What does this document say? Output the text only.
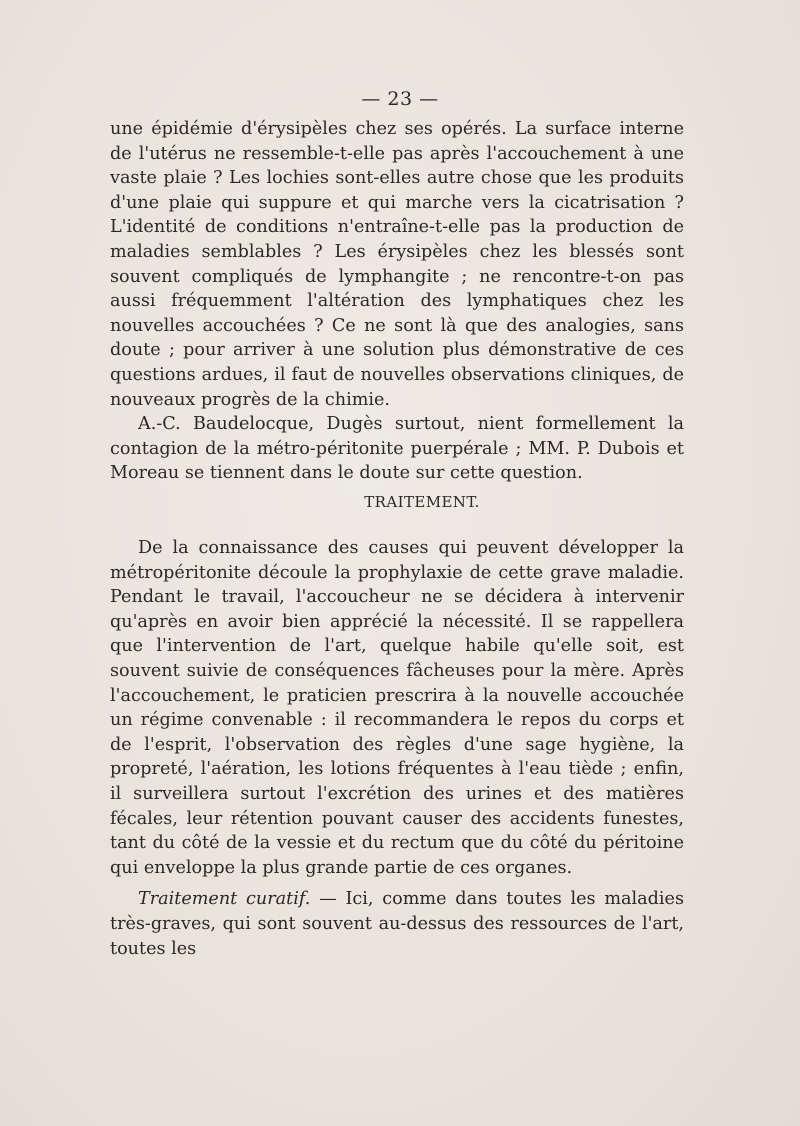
— 23 —

une épidémie d'érysipèles chez ses opérés. La surface interne de l'utérus ne ressemble-t-elle pas après l'accouchement à une vaste plaie ? Les lochies sont-elles autre chose que les produits d'une plaie qui suppure et qui marche vers la cicatrisation ? L'identité de conditions n'entraîne-t-elle pas la production de maladies semblables ? Les érysipèles chez les blessés sont souvent compliqués de lymphangite ; ne rencontre-t-on pas aussi fréquemment l'altération des lymphatiques chez les nouvelles accouchées ? Ce ne sont là que des analogies, sans doute ; pour arriver à une solution plus démonstrative de ces questions ardues, il faut de nouvelles observations cliniques, de nouveaux progrès de la chimie.

A.-C. Baudelocque, Dugès surtout, nient formellement la contagion de la métro-péritonite puerpérale ; MM. P. Dubois et Moreau se tiennent dans le doute sur cette question.

TRAITEMENT.

De la connaissance des causes qui peuvent développer la métropéritonite découle la prophylaxie de cette grave maladie. Pendant le travail, l'accoucheur ne se décidera à intervenir qu'après en avoir bien apprécié la nécessité. Il se rappellera que l'intervention de l'art, quelque habile qu'elle soit, est souvent suivie de conséquences fâcheuses pour la mère. Après l'accouchement, le praticien prescrira à la nouvelle accouchée un régime convenable : il recommandera le repos du corps et de l'esprit, l'observation des règles d'une sage hygiène, la propreté, l'aération, les lotions fréquentes à l'eau tiède ; enfin, il surveillera surtout l'excrétion des urines et des matières fécales, leur rétention pouvant causer des accidents funestes, tant du côté de la vessie et du rectum que du côté du péritoine qui enveloppe la plus grande partie de ces organes.

Traitement curatif. — Ici, comme dans toutes les maladies très-graves, qui sont souvent au-dessus des ressources de l'art, toutes les
